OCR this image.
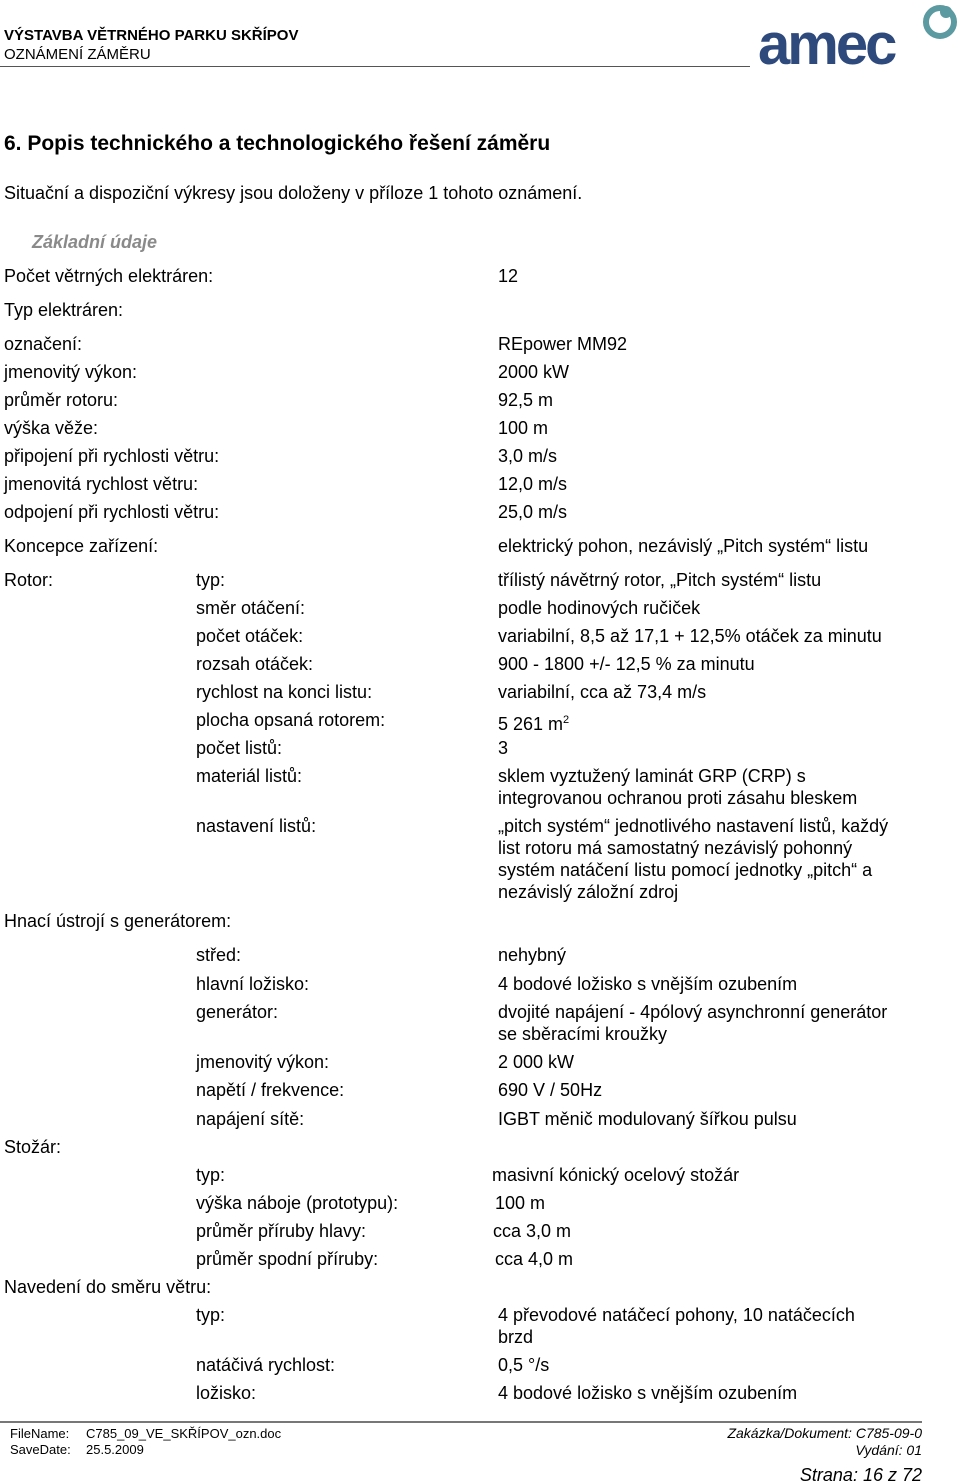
VÝSTAVBA VĚTRNÉHO PARKU SKŘÍPOV
OZNÁMENÍ ZÁMĚRU	amec
6. Popis technického a technologického řešení záměru
Situační a dispoziční výkresy jsou doloženy v příloze 1 tohoto oznámení.
Základní údaje
Počet větrných elektráren:	12
Typ elektráren:
označení:	REpower MM92
jmenovitý výkon:	2000 kW
průměr rotoru:	92,5 m
výška věže:	100 m
připojení při rychlosti větru:	3,0 m/s
jmenovitá rychlost větru:	12,0 m/s
odpojení při rychlosti větru:	25,0 m/s
Koncepce zařízení:	elektrický pohon, nezávislý „Pitch systém“ listu
Rotor:	typ:	třílistý návětrný rotor, „Pitch systém“ listu
směr otáčení:	podle hodinových ručiček
počet otáček:	variabilní, 8,5 až 17,1 + 12,5% otáček za minutu
rozsah otáček:	900 - 1800 +/- 12,5 % za minutu
rychlost na konci listu:	variabilní, cca až 73,4 m/s
plocha opsaná rotorem:	5 261 $m^2$
počet listů:	3
materiál listů:	sklem vyztužený laminát GRP (CRP) s
integrovanou ochranou proti zásahu bleskem
nastavení listů:	„pitch systém“ jednotlivého nastavení listů, každý
list rotoru má samostatný nezávislý pohonný
systém natáčení listu pomocí jednotky „pitch“ a
nezávislý záložní zdroj
Hnací ústrojí s generátorem:
střed:	nehybný
hlavní ložisko:	4 bodové ložisko s vnějším ozubením
generátor:	dvojité napájení - 4pólový asynchronní generátor
se sběracími kroužky
jmenovitý výkon:	2 000 kW
napětí / frekvence:	690 V / 50Hz
napájení sítě:	IGBT měnič modulovaný šířkou pulsu
Stožár:
typ:	masivní kónický ocelový stožár
výška náboje (prototypu):	100 m
průměr příruby hlavy:	cca 3,0 m
průměr spodní příruby:	cca 4,0 m
Navedení do směru větru:
typ:	4 převodové natáčecí pohony, 10 natáčecích
brzd
natáčivá rychlost:	0,5 °/s
ložisko:	4 bodové ložisko s vnějším ozubením
FileName: C785_09_VE_SKŘÍPOV_ozn.doc
SaveDate: 25.5.2009
Zakázka/Dokument: C785-09-0
Vydání: 01
Strana: 16 z 72
